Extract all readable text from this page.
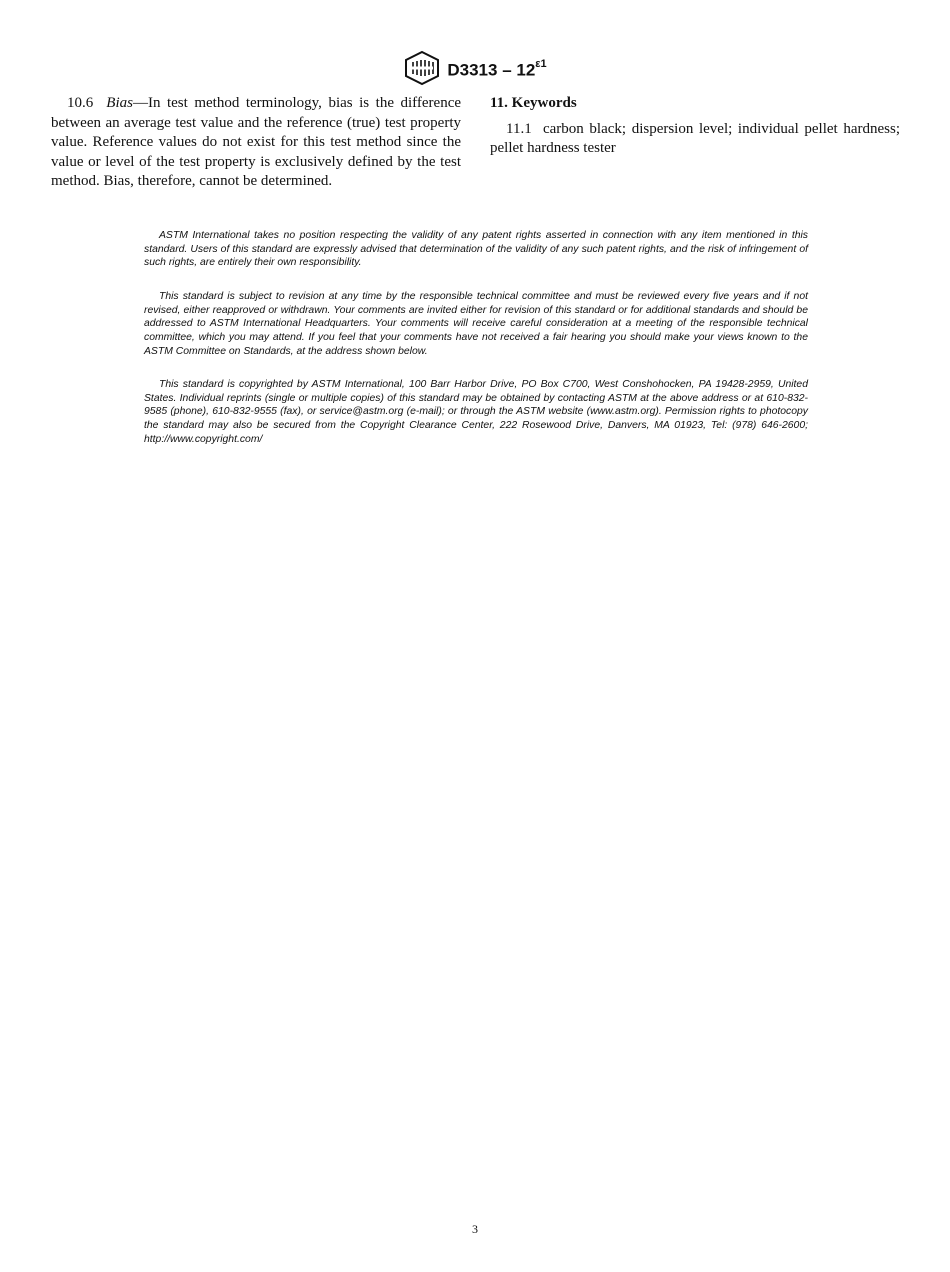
$D3313 - 12^{\varepsilon 1}$

10.6 Bias—In test method terminology, bias is the difference between an average test value and the reference (true) test property value. Reference values do not exist for this test method since the value or level of the test property is exclusively defined by the test method. Bias, therefore, cannot be determined.

11. Keywords

11.1 carbon black; dispersion level; individual pellet hardness; pellet hardness tester

ASTM International takes no position respecting the validity of any patent rights asserted in connection with any item mentioned in this standard. Users of this standard are expressly advised that determination of the validity of any such patent rights, and the risk of infringement of such rights, are entirely their own responsibility.

This standard is subject to revision at any time by the responsible technical committee and must be reviewed every five years and if not revised, either reapproved or withdrawn. Your comments are invited either for revision of this standard or for additional standards and should be addressed to ASTM International Headquarters. Your comments will receive careful consideration at a meeting of the responsible technical committee, which you may attend. If you feel that your comments have not received a fair hearing you should make your views known to the ASTM Committee on Standards, at the address shown below.

This standard is copyrighted by ASTM International, 100 Barr Harbor Drive, PO Box C700, West Conshohocken, PA 19428-2959, United States. Individual reprints (single or multiple copies) of this standard may be obtained by contacting ASTM at the above address or at 610-832-9585 (phone), 610-832-9555 (fax), or service@astm.org (e-mail); or through the ASTM website (www.astm.org). Permission rights to photocopy the standard may also be secured from the Copyright Clearance Center, 222 Rosewood Drive, Danvers, MA 01923, Tel: (978) 646-2600; http://www.copyright.com/

3
